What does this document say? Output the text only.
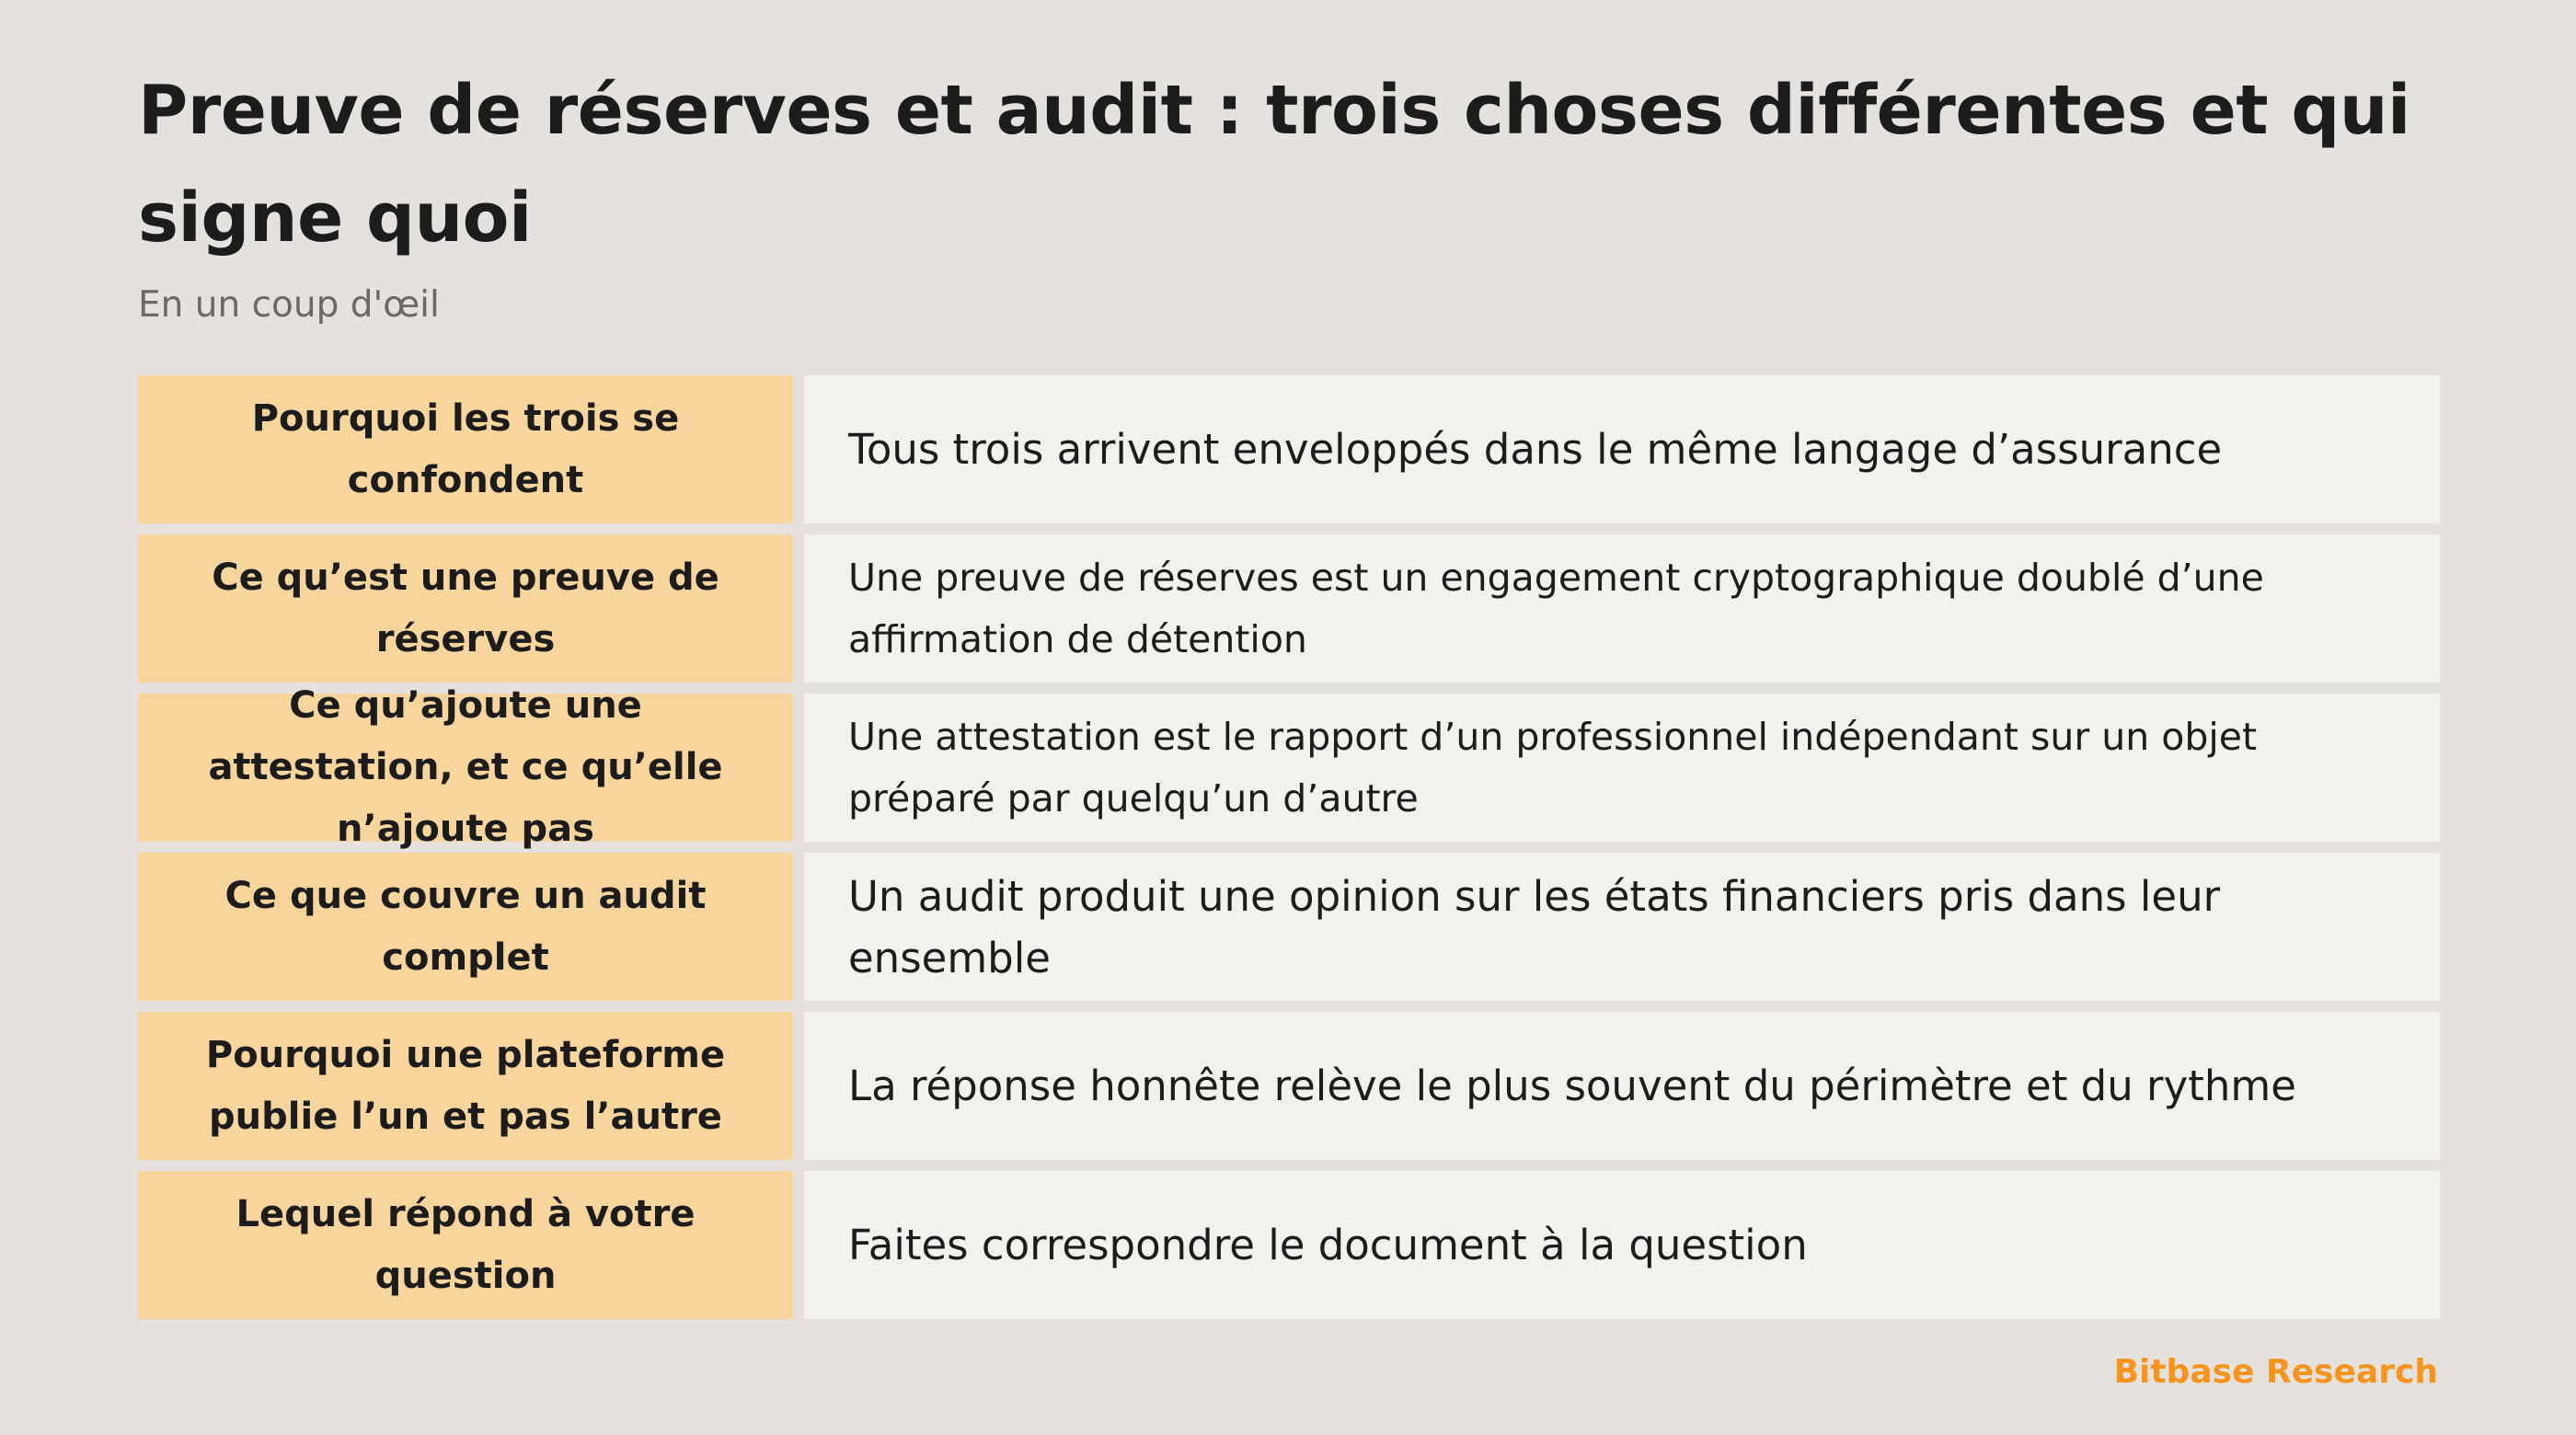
Preuve de réserves et audit : trois choses différentes et qui signe quoi

En un coup d'œil

Pourquoi les trois se confondent
Tous trois arrivent enveloppés dans le même langage d’assurance
Ce qu’est une preuve de réserves
Une preuve de réserves est un engagement cryptographique doublé d’une affirmation de détention
Ce qu’ajoute une attestation, et ce qu’elle n’ajoute pas
Une attestation est le rapport d’un professionnel indépendant sur un objet préparé par quelqu’un d’autre
Ce que couvre un audit complet
Un audit produit une opinion sur les états financiers pris dans leur ensemble
Pourquoi une plateforme publie l’un et pas l’autre
La réponse honnête relève le plus souvent du périmètre et du rythme
Lequel répond à votre question
Faites correspondre le document à la question

Bitbase Research
